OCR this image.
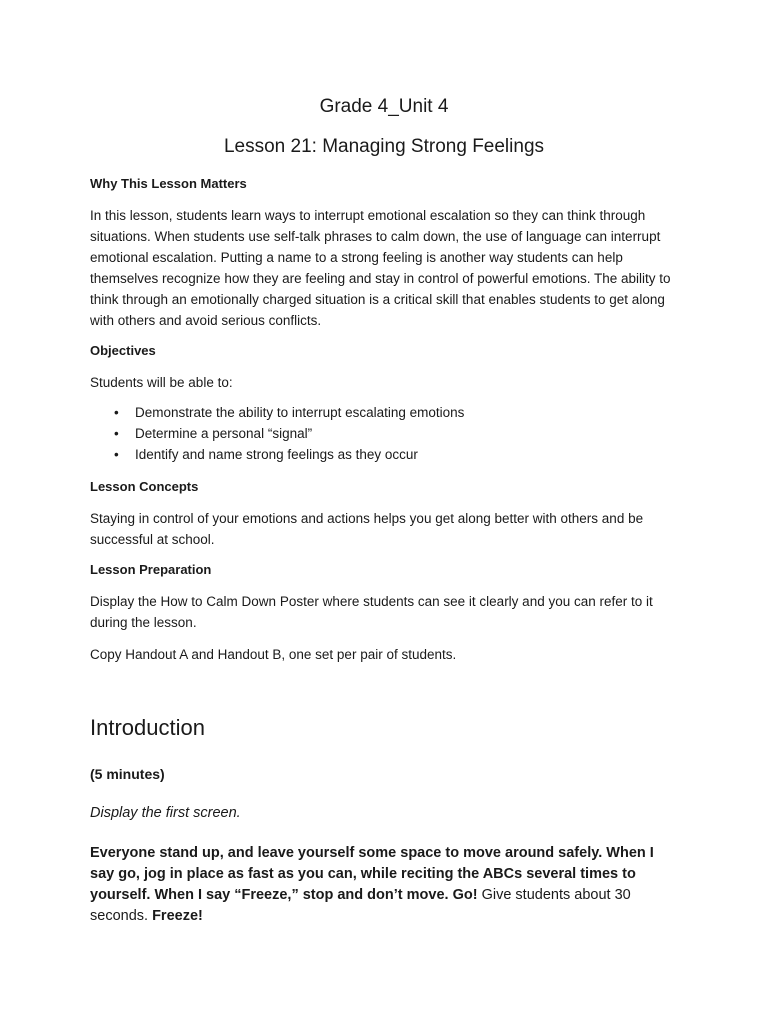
Grade 4_Unit 4
Lesson 21: Managing Strong Feelings

Why This Lesson Matters

In this lesson, students learn ways to interrupt emotional escalation so they can think through situations. When students use self-talk phrases to calm down, the use of language can interrupt emotional escalation. Putting a name to a strong feeling is another way students can help themselves recognize how they are feeling and stay in control of powerful emotions. The ability to think through an emotionally charged situation is a critical skill that enables students to get along with others and avoid serious conflicts.

Objectives

Students will be able to:

• Demonstrate the ability to interrupt escalating emotions
• Determine a personal “signal”
• Identify and name strong feelings as they occur

Lesson Concepts

Staying in control of your emotions and actions helps you get along better with others and be successful at school.

Lesson Preparation

Display the How to Calm Down Poster where students can see it clearly and you can refer to it during the lesson.

Copy Handout A and Handout B, one set per pair of students.

Introduction

(5 minutes)

Display the first screen.

Everyone stand up, and leave yourself some space to move around safely. When I say go, jog in place as fast as you can, while reciting the ABCs several times to yourself. When I say “Freeze,” stop and don’t move. Go! Give students about 30 seconds. Freeze!
